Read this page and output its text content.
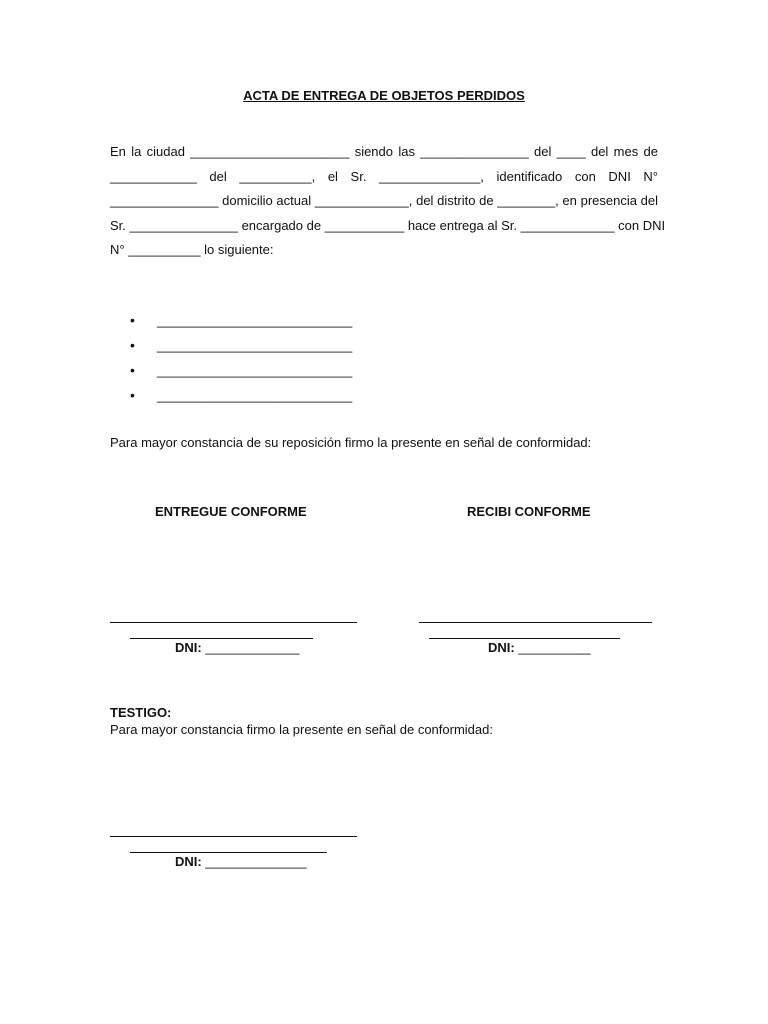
ACTA DE ENTREGA DE OBJETOS PERDIDOS
En la ciudad ______________________ siendo las _______________ del ____ del mes de
____________ del __________, el Sr. ______________, identificado con DNI N°
_______________ domicilio actual _____________, del distrito de ________, en presencia del
Sr. _______________ encargado de ___________ hace entrega al Sr. _____________ con DNI
N° __________ lo siguiente:
• ___________________________
• ___________________________
• ___________________________
• ___________________________
Para mayor constancia de su reposición firmo la presente en señal de conformidad:
ENTREGUE CONFORME	RECIBI CONFORME
DNI: _____________	DNI: __________
TESTIGO:
Para mayor constancia firmo la presente en señal de conformidad:
DNI: ______________
